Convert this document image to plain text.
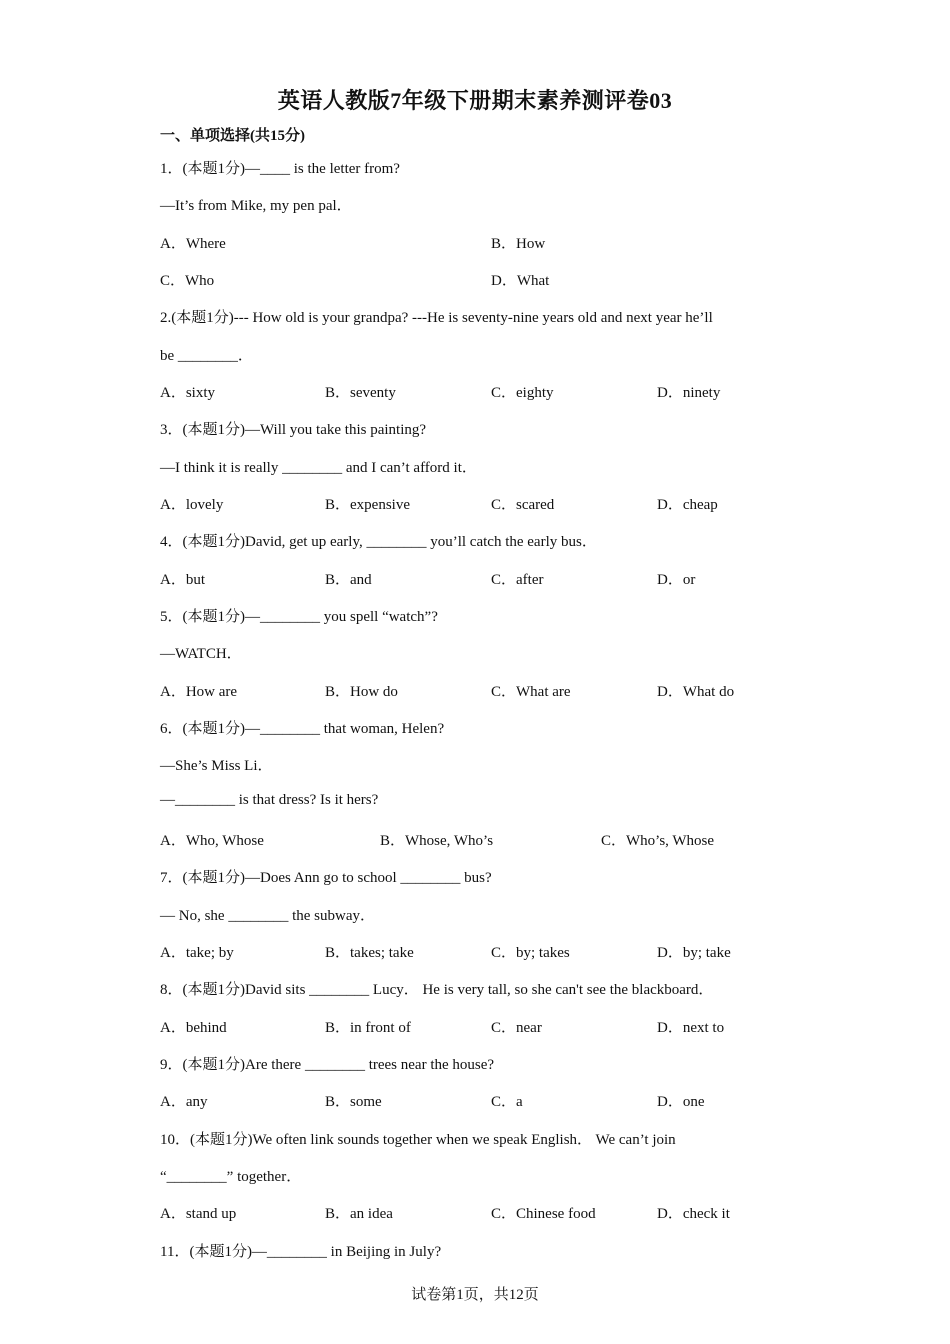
英语人教版7年级下册期末素养测评卷03
一、单项选择(共15分)
1．(本题1分)—____ is the letter from?
—It’s from Mike, my pen pal．
A．Where	B．How
C．Who	D．What
2.(本题1分)--- How old is your grandpa? ---He is seventy-nine years old and next year he’ll
be ________．
A．sixty	B．seventy	C．eighty	D．ninety
3．(本题1分)—Will you take this painting?
—I think it is really ________ and I can’t afford it．
A．lovely	B．expensive	C．scared	D．cheap
4．(本题1分)David, get up early, ________ you’ll catch the early bus．
A．but	B．and	C．after	D．or
5．(本题1分)—________ you spell “watch”?
—WATCH．
A．How are	B．How do	C．What are	D．What do
6．(本题1分)—________ that woman, Helen?
—She’s Miss Li．
—________ is that dress? Is it hers?
A．Who, Whose	B．Whose, Who’s	C．Who’s, Whose
7．(本题1分)—Does Ann go to school ________ bus?
— No, she ________ the subway．
A．take; by	B．takes; take	C．by; takes	D．by; take
8．(本题1分)David sits ________ Lucy． He is very tall, so she can't see the blackboard．
A．behind	B．in front of	C．near	D．next to
9．(本题1分)Are there ________ trees near the house?
A．any	B．some	C．a	D．one
10．(本题1分)We often link sounds together when we speak English． We can’t join
“________” together．
A．stand up	B．an idea	C．Chinese food	D．check it
11．(本题1分)—________ in Beijing in July?
试卷第1页，共12页
